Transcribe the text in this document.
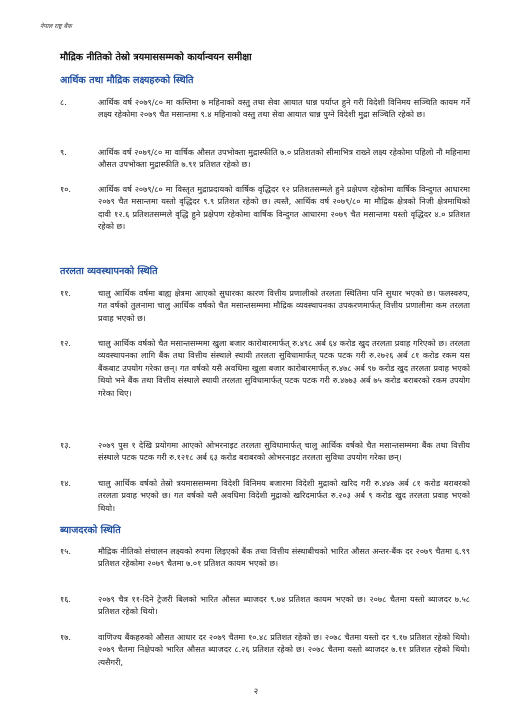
नेपाल राष्ट्र बैंक
मौद्रिक नीतिको तेस्रो त्रयमाससम्मको कार्यान्वयन समीक्षा
आर्थिक तथा मौद्रिक लक्ष्यहरुको स्थिति
८.	आर्थिक वर्ष २०७९/८० मा कम्तिमा ७ महिनाको वस्तु तथा सेवा आयात धान्न पर्याप्त हुने गरी विदेशी विनिमय सञ्चिति कायम गर्ने लक्ष्य रहेकोमा २०७९ चैत मसान्तमा ९.४ महिनाको वस्तु तथा सेवा आयात धान्न पुग्ने विदेशी मुद्रा सञ्चिति रहेको छ।
९.	आर्थिक वर्ष २०७९/८० मा वार्षिक औसत उपभोक्ता मुद्रास्फीति ७.० प्रतिशतको सीमाभित्र राख्ने लक्ष्य रहेकोमा पहिलो नौ महिनामा औसत उपभोक्ता मुद्रास्फीति ७.९१ प्रतिशत रहेको छ।
१०.	आर्थिक वर्ष २०७९/८० मा विस्तृत मुद्राप्रदायको वार्षिक वृद्धिदर १२ प्रतिशतसम्मले हुने प्रक्षेपण रहेकोमा वार्षिक विन्दुगत आधारमा २०७९ चैत मसान्तमा यस्तो वृद्धिदर ९.९ प्रतिशत रहेको छ। त्यस्तै, आर्थिक वर्ष २०७९/८० मा मौद्रिक क्षेत्रको निजी क्षेत्रमाथिको दावी १२.६ प्रतिशतसम्मले वृद्धि हुने प्रक्षेपण रहेकोमा वार्षिक विन्दुगत आधारमा २०७९ चैत मसान्तमा यस्तो वृद्धिदर ४.० प्रतिशत रहेको छ।
तरलता व्यवस्थापनको स्थिति
११.	चालु आर्थिक वर्षमा बाह्य क्षेत्रमा आएको सुधारका कारण वित्तीय प्रणालीको तरलता स्थितिमा पनि सुधार भएको छ। फलस्वरुप, गत वर्षको तुलनामा चालु आर्थिक वर्षको चैत मसान्तसम्ममा मौद्रिक व्यवस्थापनका उपकरणमार्फत् वित्तीय प्रणालीमा कम तरलता प्रवाह भएको छ।
१२.	चालु आर्थिक वर्षको चैत मसान्तसम्ममा खुला बजार कारोबारमार्फत् रु.४९८ अर्ब ६४ करोड खुद तरलता प्रवाह गरिएको छ। तरलता व्यवस्थापनका लागि बैंक तथा वित्तीय संस्थाले स्थायी तरलता सुविधामार्फत् पटक पटक गरी रु.२७२६ अर्ब ८१ करोड रकम यस बैंकबाट उपयोग गरेका छन्। गत वर्षको यसै अवधिमा खुला बजार कारोबारमार्फत् रु.४७८ अर्ब ९७ करोड खुद तरलता प्रवाह भएको थियो भने बैंक तथा वित्तीय संस्थाले स्थायी तरलता सुविधामार्फत् पटक पटक गरी रु.४७७३ अर्ब ७५ करोड बराबरको रकम उपयोग गरेका थिए।
१३.	२०७९ पुस १ देखि प्रयोगमा आएको ओभरनाइट तरलता सुविधामार्फत् चालु आर्थिक वर्षको चैत मसान्तसम्ममा बैंक तथा वित्तीय संस्थाले पटक पटक गरी रु.१२१८ अर्ब ६३ करोड बराबरको ओभरनाइट तरलता सुविधा उपयोग गरेका छन्।
१४.	चालु आर्थिक वर्षको तेस्रो त्रयमाससम्ममा विदेशी विनिमय बजारमा विदेशी मुद्राको खरिद गरी रु.४४७ अर्ब ८१ करोड बराबरको तरलता प्रवाह भएको छ। गत वर्षको यसै अवधिमा विदेशी मुद्राको खरिदमार्फत रु.२०३ अर्ब ९ करोड खुद तरलता प्रवाह भएको थियो।
ब्याजदरको स्थिति
१५.	मौद्रिक नीतिको संचालन लक्ष्यको रुपमा लिइएको बैंक तथा वित्तीय संस्थाबीचको भारित औसत अन्तर-बैंक दर २०७९ चैतमा ६.९९ प्रतिशत रहेकोमा २०७९ चैतमा ७.०१ प्रतिशत कायम भएको छ।
१६.	२०७९ चैत्र ११-दिने ट्रेजरी बिलको भारित औसत ब्याजदर ९.७४ प्रतिशत कायम भएको छ। २०७८ चैतमा यस्तो ब्याजदर ७.५८ प्रतिशत रहेको थियो।
१७.	वाणिज्य बैंकहरुको औसत आधार दर २०७९ चैतमा १०.४८ प्रतिशत रहेको छ। २०७८ चैतमा यस्तो दर ९.१७ प्रतिशत रहेको थियो। २०७९ चैतमा निक्षेपको भारित औसत ब्याजदर ८.२६ प्रतिशत रहेको छ। २०७८ चैतमा यस्तो ब्याजदर ७.११ प्रतिशत रहेको थियो। त्यसैगरी,
२
